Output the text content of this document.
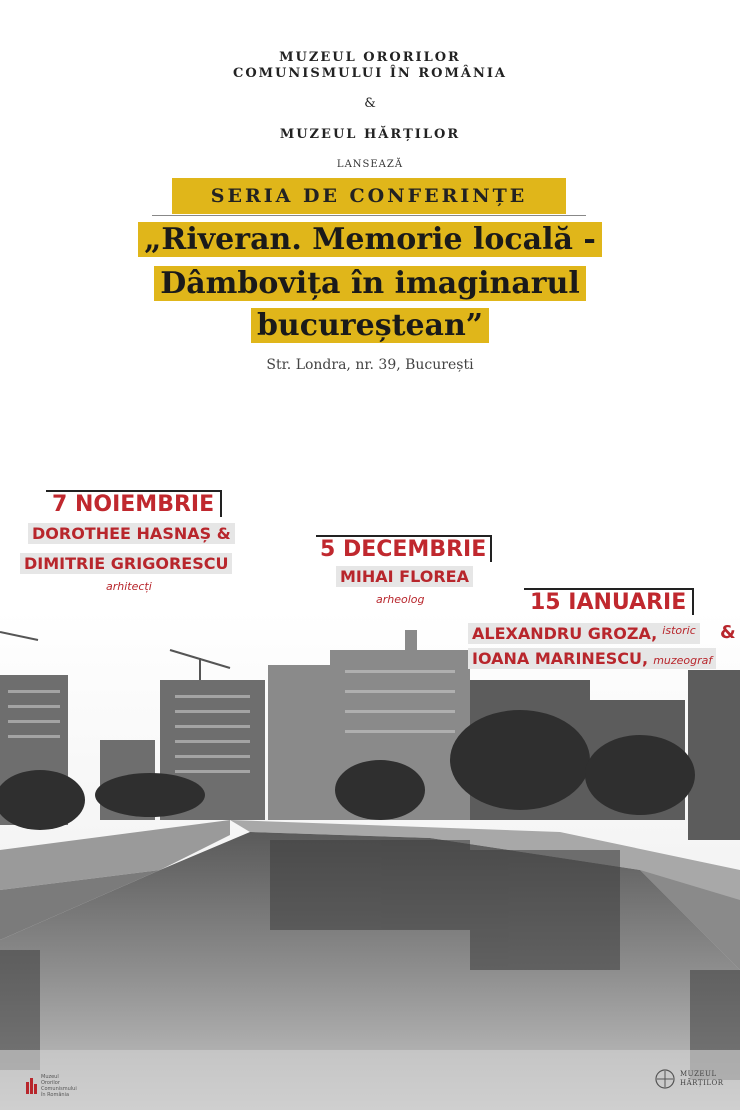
MUZEUL ORORILOR
COMUNISMULUI ÎN ROMÂNIA
&
MUZEUL HĂRȚILOR
LANSEAZĂ
SERIA DE CONFERINȚE
„Riveran. Memorie locală -
Dâmbovița în imaginarul
bucureștean”
Str. Londra, nr. 39, București
7 NOIEMBRIE
DOROTHEE HASNAȘ &
DIMITRIE GRIGORESCU
arhitecți
5 DECEMBRIE
MIHAI FLOREA
arheolog	15 IANUARIE
ALEXANDRU GROZA, $^{istoric}$
IOANA MARINESCU, muzeograf
&
Muzeul
Ororilor
Comunismului
în România
MUZEUL
HĂRȚILOR
